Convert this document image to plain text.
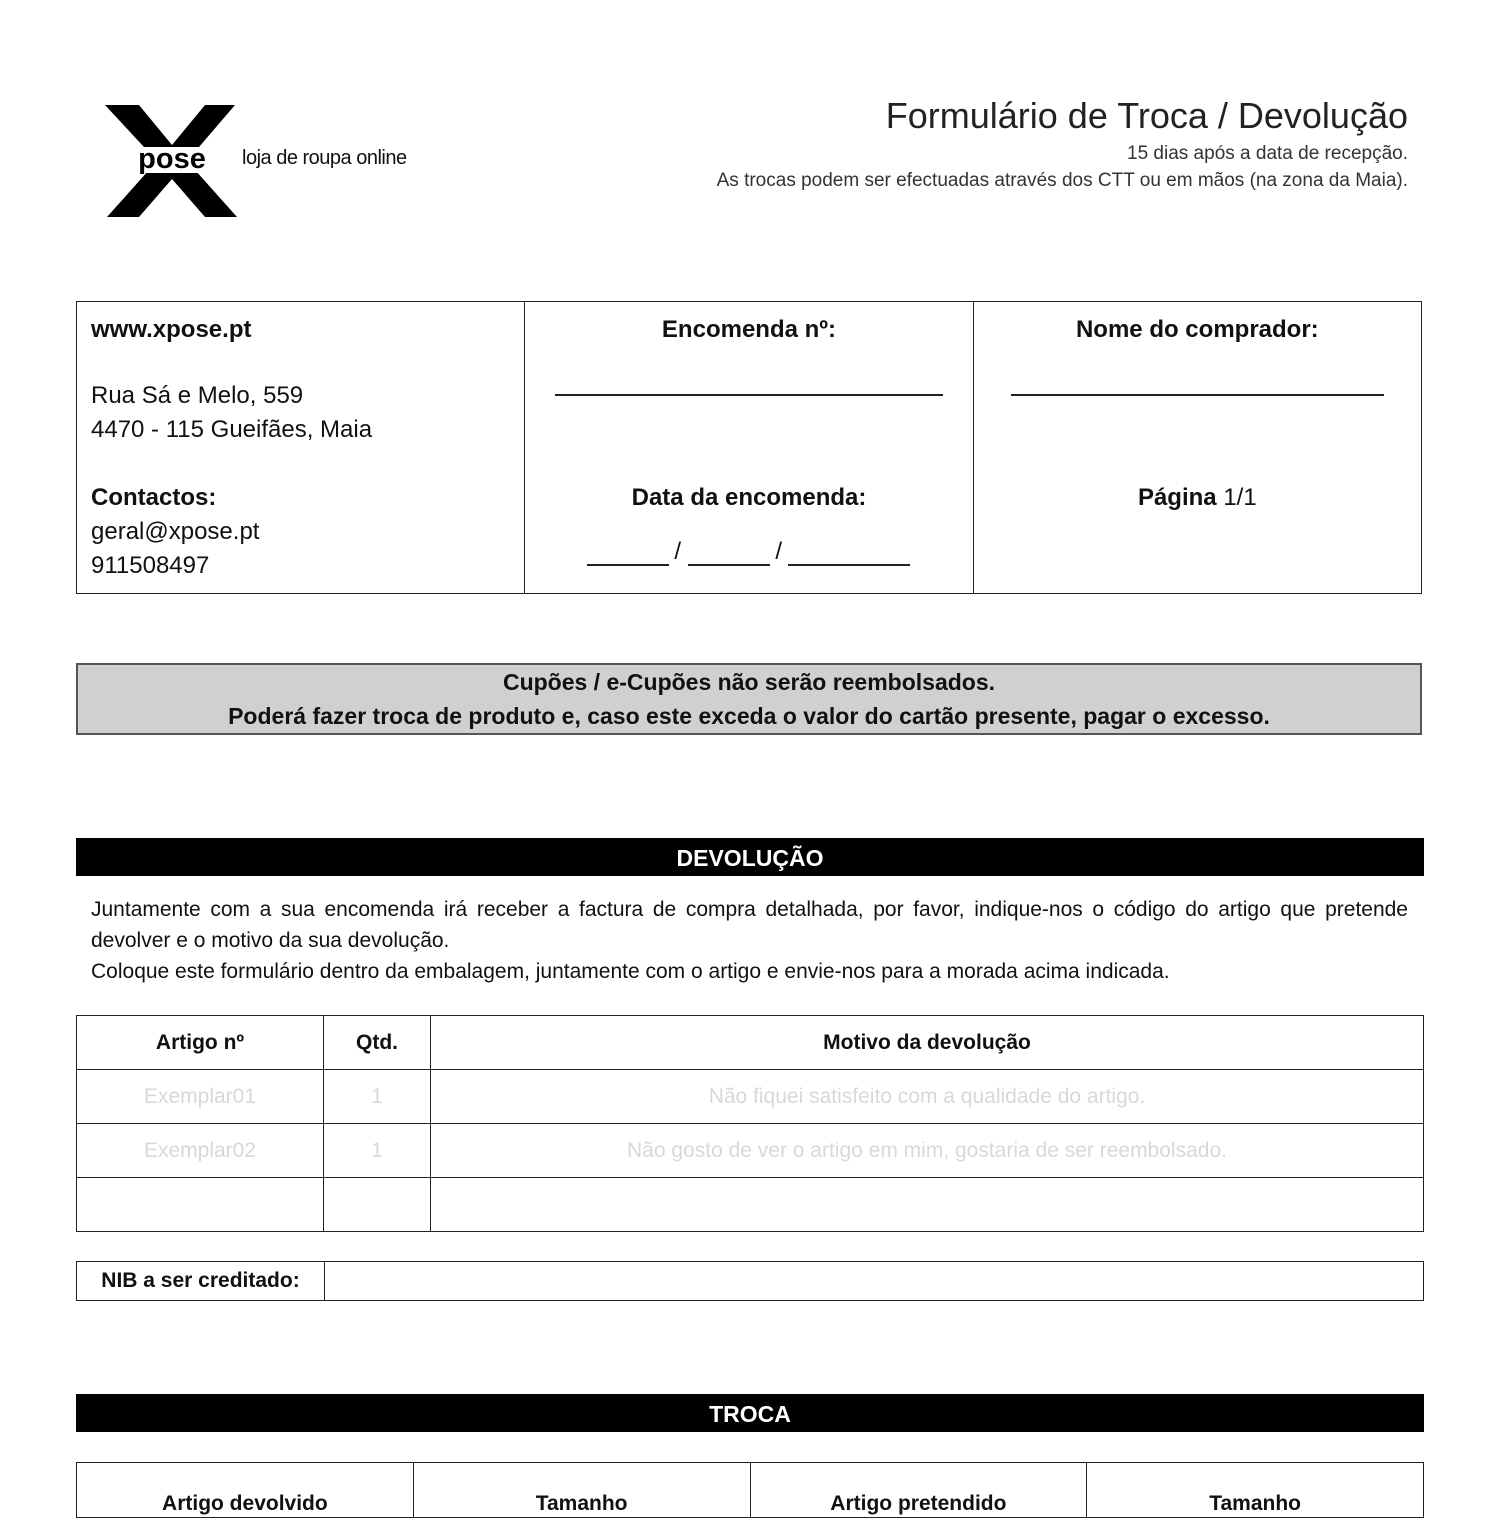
pose loja de roupa online
Formulário de Troca / Devolução
15 dias após a data de recepção.
As trocas podem ser efectuadas através dos CTT ou em mãos (na zona da Maia).
www.xpose.pt
Rua Sá e Melo, 559
4470 - 115 Gueifães, Maia
Contactos:
geral@xpose.pt
911508497
Encomenda nº:
Data da encomenda:
/	/
Nome do comprador:
Página 1/1
Cupões / e-Cupões não serão reembolsados.
Poderá fazer troca de produto e, caso este exceda o valor do cartão presente, pagar o excesso.
DEVOLUÇÃO
Juntamente com a sua encomenda irá receber a factura de compra detalhada, por favor, indique-nos o código do artigo que pretende devolver e o motivo da sua devolução.
Coloque este formulário dentro da embalagem, juntamente com o artigo e envie-nos para a morada acima indicada.
Artigo nº	Qtd.	Motivo da devolução
Exemplar01	1	Não fiquei satisfeito com a qualidade do artigo.
Exemplar02	1	Não gosto de ver o artigo em mim, gostaria de ser reembolsado.

NIB a ser creditado:	
TROCA
Artigo devolvido	Tamanho	Artigo pretendido	Tamanho
